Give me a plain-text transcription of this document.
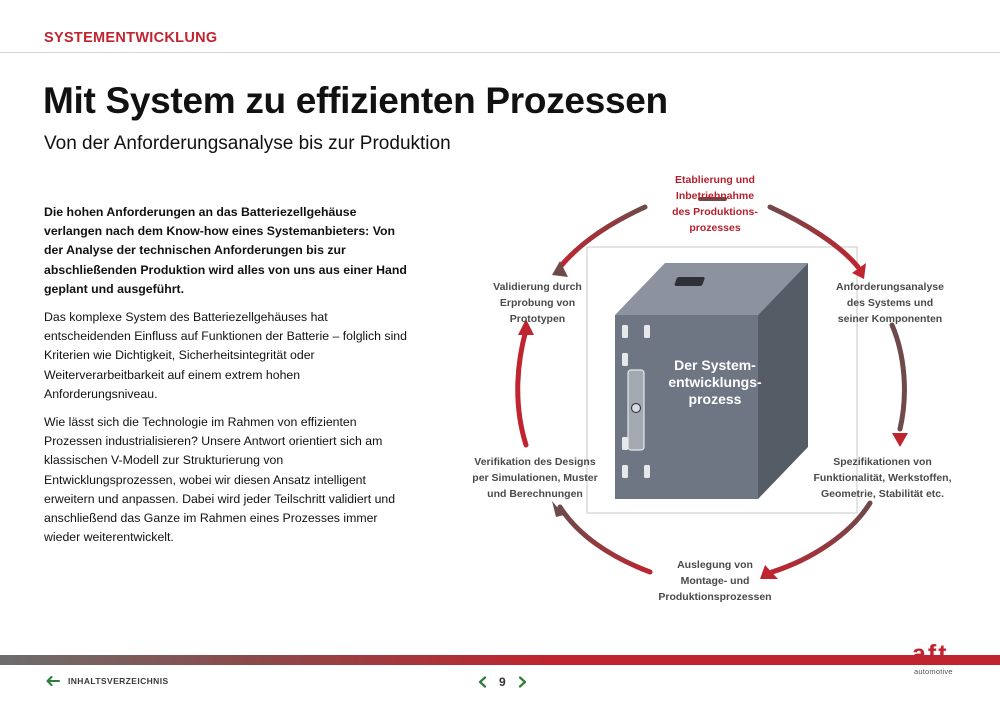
SYSTEMENTWICKLUNG
Mit System zu effizienten Prozessen
Von der Anforderungsanalyse bis zur Produktion

Die hohen Anforderungen an das Batteriezellgehäuse verlangen nach dem Know-how eines Systemanbieters: Von der Analyse der technischen Anforderungen bis zur abschließenden Produktion wird alles von uns aus einer Hand geplant und ausgeführt.

Das komplexe System des Batteriezellgehäuses hat entscheidenden Einfluss auf Funktionen der Batterie – folglich sind Kriterien wie Dichtigkeit, Sicherheitsintegrität oder Weiterverarbeitbarkeit auf einem extrem hohen Anforderungsniveau.

Wie lässt sich die Technologie im Rahmen von effizienten Prozessen industrialisieren? Unsere Antwort orientiert sich am klassischen V-Modell zur Strukturierung von Entwicklungsprozessen, wobei wir diesen Ansatz intelligent erweitern und anpassen. Dabei wird jeder Teilschritt validiert und anschließend das Ganze im Rahmen eines Prozesses immer wieder weiterentwickelt.

Der System-
entwicklungs-
prozess
Etablierung und
Inbetriebnahme
des Produktions-
prozesses
Anforderungsanalyse
des Systems und
seiner Komponenten
Spezifikationen von
Funktionalität, Werkstoffen,
Geometrie, Stabilität etc.
Auslegung von
Montage- und
Produktionsprozessen
Verifikation des Designs
per Simulationen, Muster
und Berechnungen
Validierung durch
Erprobung von
Prototypen
INHALTSVERZEICHNIS	9
aft
automotive
